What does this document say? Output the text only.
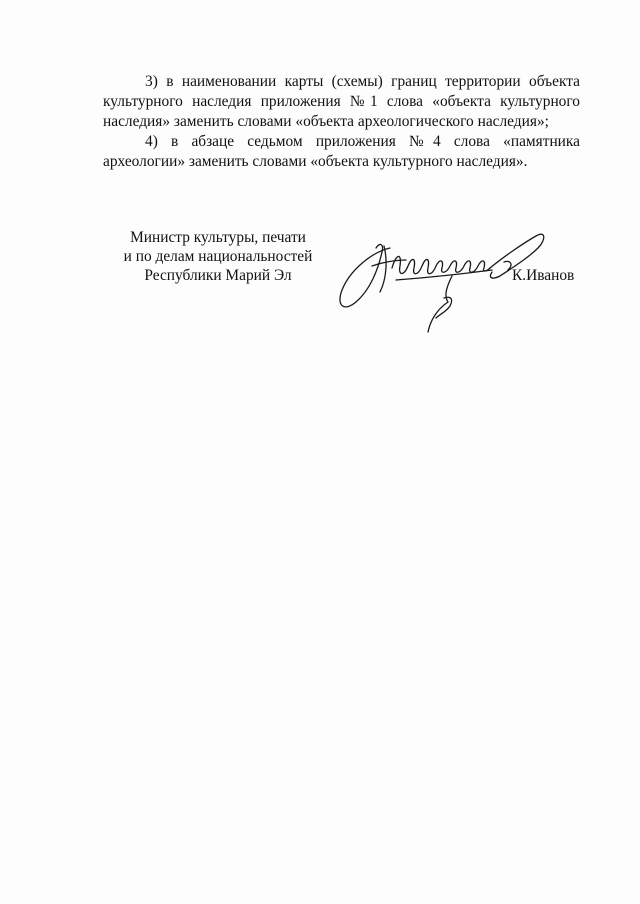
3) в наименовании карты (схемы) границ территории объекта культурного наследия приложения №1 слова «объекта культурного наследия» заменить словами «объекта археологического наследия»;

4) в абзаце седьмом приложения №4 слова «памятника археологии» заменить словами «объекта культурного наследия».

Министр культуры, печати
и по делам национальностей
Республики Марий Эл	К.Иванов
